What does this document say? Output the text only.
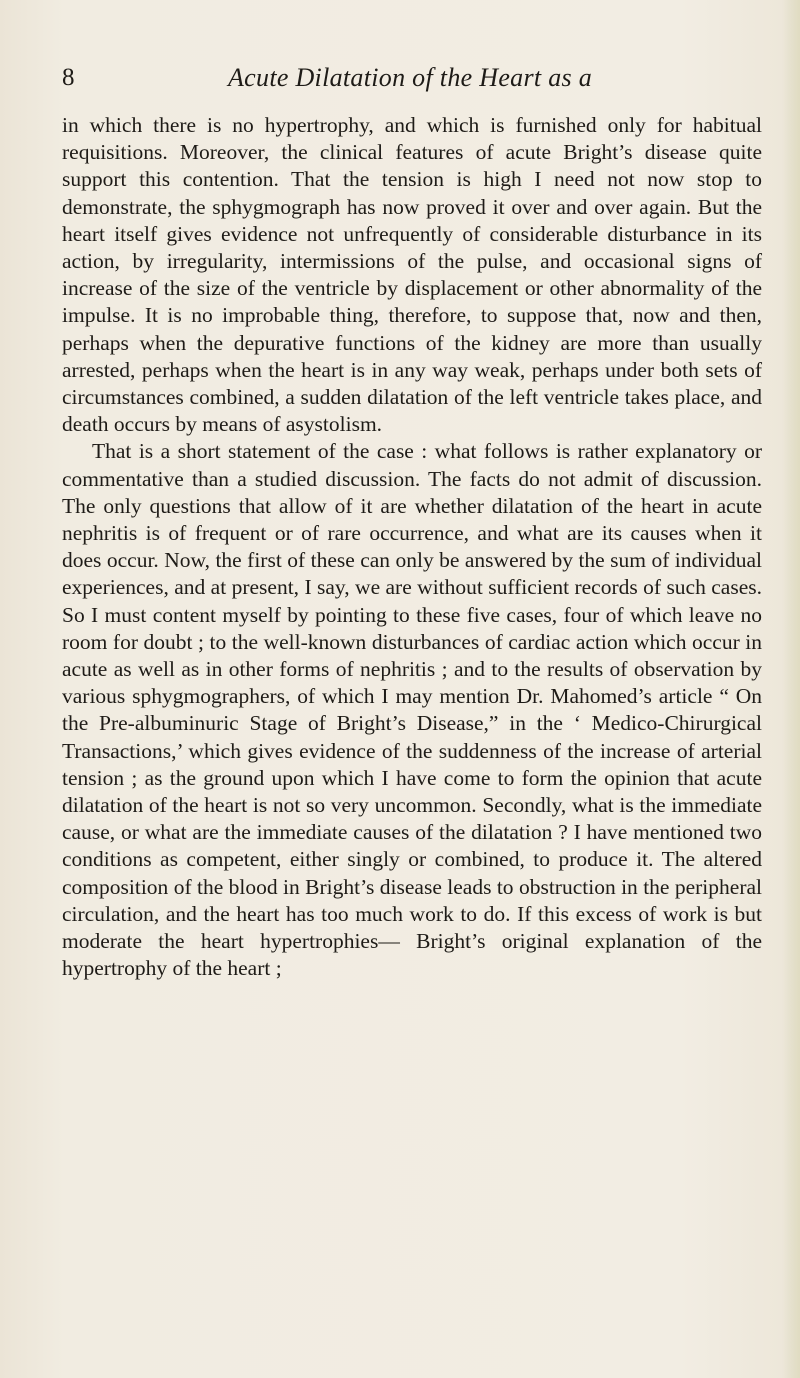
8	Acute Dilatation of the Heart as a

in which there is no hypertrophy, and which is furnished only for habitual requisitions. Moreover, the clinical features of acute Bright’s disease quite support this contention. That the tension is high I need not now stop to demonstrate, the sphygmograph has now proved it over and over again. But the heart itself gives evidence not unfrequently of considerable disturbance in its action, by irregularity, intermissions of the pulse, and occasional signs of increase of the size of the ventricle by displacement or other abnormality of the impulse. It is no improbable thing, therefore, to suppose that, now and then, perhaps when the depurative functions of the kidney are more than usually arrested, perhaps when the heart is in any way weak, perhaps under both sets of circumstances combined, a sudden dilatation of the left ventricle takes place, and death occurs by means of asystolism.

That is a short statement of the case : what follows is rather explanatory or commentative than a studied discussion. The facts do not admit of discussion. The only questions that allow of it are whether dilatation of the heart in acute nephritis is of frequent or of rare occurrence, and what are its causes when it does occur. Now, the first of these can only be answered by the sum of individual experiences, and at present, I say, we are without sufficient records of such cases. So I must content myself by pointing to these five cases, four of which leave no room for doubt ; to the well-known disturbances of cardiac action which occur in acute as well as in other forms of nephritis ; and to the results of observation by various sphygmographers, of which I may mention Dr. Mahomed’s article “ On the Pre-albuminuric Stage of Bright’s Disease,” in the ‘ Medico-Chirurgical Transactions,’ which gives evidence of the suddenness of the increase of arterial tension ; as the ground upon which I have come to form the opinion that acute dilatation of the heart is not so very uncommon. Secondly, what is the immediate cause, or what are the immediate causes of the dilatation ? I have mentioned two conditions as competent, either singly or combined, to produce it. The altered composition of the blood in Bright’s disease leads to obstruction in the peripheral circulation, and the heart has too much work to do. If this excess of work is but moderate the heart hypertrophies— Bright’s original explanation of the hypertrophy of the heart ;
